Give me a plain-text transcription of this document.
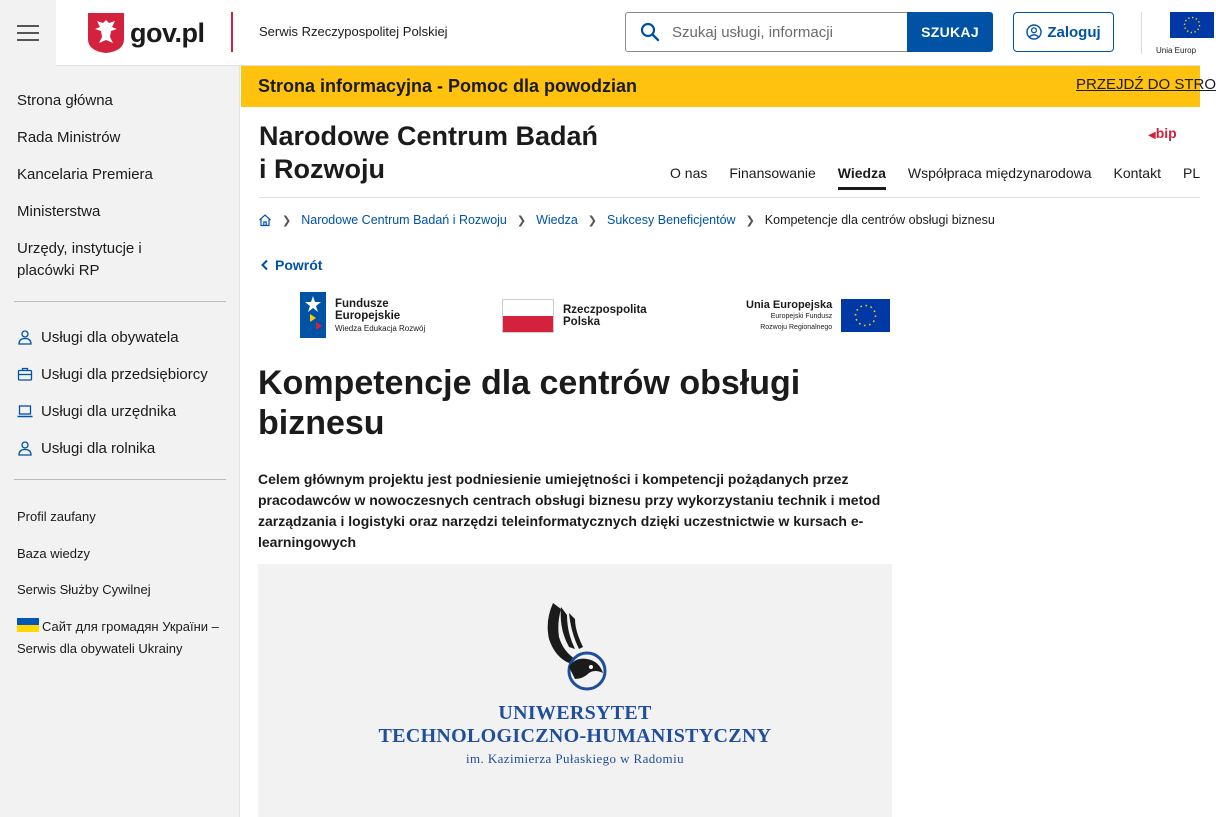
gov.pl	Serwis Rzeczypospolitej Polskiej
Szukaj usługi, informacji	SZUKAJ	Zaloguj
Unia Europ
Strona główna
Rada Ministrów
Kancelaria Premiera
Ministerstwa
Urzędy, instytucje i placówki RP
Usługi dla obywatela
Usługi dla przedsiębiorcy
Usługi dla urzędnika
Usługi dla rolnika
Profil zaufany
Baza wiedzy
Serwis Służby Cywilnej
Сайт для громадян України –Serwis dla obywateli Ukrainy
Strona informacyjna - Pomoc dla powodzian	PRZEJDŹ DO STRO
Narodowe Centrum Badań
i Rozwoju
◀bip
O nas Finansowanie Wiedza Współpraca międzynarodowa Kontakt PL
❯ Narodowe Centrum Badań i Rozwoju ❯ Wiedza ❯ Sukcesy Beneficjentów ❯ Kompetencje dla centrów obsługi biznesu
Powrót
Fundusze
Europejskie
Wiedza Edukacja Rozwój
Rzeczpospolita
Polska
Unia Europejska
Europejski Fundusz
Rozwoju Regionalnego
Kompetencje dla centrów obsługi biznesu

Celem głównym projektu jest podniesienie umiejętności i kompetencji pożądanych przez pracodawców w nowoczesnych centrach obsługi biznesu przy wykorzystaniu technik i metod zarządzania i logistyki oraz narzędzi teleinformatycznych dzięki uczestnictwie w kursach e-learningowych

UNIWERSYTET
TECHNOLOGICZNO-HUMANISTYCZNY
im. Kazimierza Pułaskiego w Radomiu
